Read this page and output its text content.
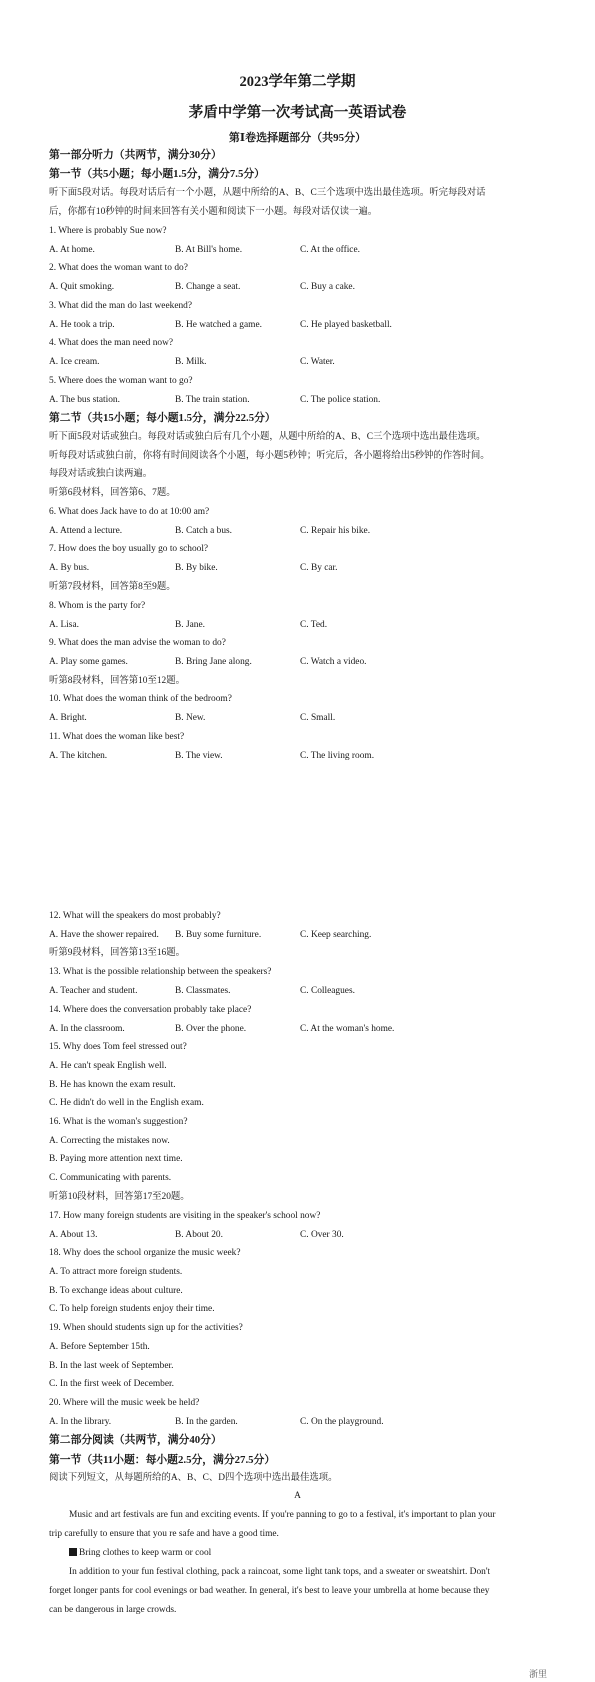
2023学年第二学期
茅盾中学第一次考试高一英语试卷
第Ⅰ卷选择题部分（共95分）
第一部分听力（共两节，满分30分）
第一节（共5小题；每小题1.5分，满分7.5分）
听下面5段对话。每段对话后有一个小题，从题中所给的A、B、C三个选项中选出最佳选项。听完每段对话
后，你都有10秒钟的时间来回答有关小题和阅读下一小题。每段对话仅读一遍。
1. Where is probably Sue now?
A. At home.	B. At Bill's home.	C. At the office.
2. What does the woman want to do?
A. Quit smoking.	B. Change a seat.	C. Buy a cake.
3. What did the man do last weekend?
A. He took a trip.	B. He watched a game.	C. He played basketball.
4. What does the man need now?
A. Ice cream.	B. Milk.	C. Water.
5. Where does the woman want to go?
A. The bus station.	B. The train station.	C. The police station.
第二节（共15小题；每小题1.5分，满分22.5分）
听下面5段对话或独白。每段对话或独白后有几个小题，从题中所给的A、B、C三个选项中选出最佳选项。
听每段对话或独白前，你将有时间阅读各个小题，每小题5秒钟；听完后，各小题将给出5秒钟的作答时间。
每段对话或独白读两遍。
听第6段材料，回答第6、7题。
6. What does Jack have to do at 10:00 am?
A. Attend a lecture.	B. Catch a bus.	C. Repair his bike.
7. How does the boy usually go to school?
A. By bus.	B. By bike.	C. By car.
听第7段材料，回答第8至9题。
8. Whom is the party for?
A. Lisa.	B. Jane.	C. Ted.
9. What does the man advise the woman to do?
A. Play some games.	B. Bring Jane along.	C. Watch a video.
听第8段材料，回答第10至12题。
10. What does the woman think of the bedroom?
A. Bright.	B. New.	C. Small.
11. What does the woman like best?
A. The kitchen.	B. The view.	C. The living room.
12. What will the speakers do most probably?
A. Have the shower repaired. B. Buy some furniture.	C. Keep searching.
听第9段材料，回答第13至16题。
13. What is the possible relationship between the speakers?
A. Teacher and student.	B. Classmates.	C. Colleagues.
14. Where does the conversation probably take place?
A. In the classroom.	B. Over the phone.	C. At the woman's home.
15. Why does Tom feel stressed out?
A. He can't speak English well.
B. He has known the exam result.
C. He didn't do well in the English exam.
16. What is the woman's suggestion?
A. Correcting the mistakes now.
B. Paying more attention next time.
C. Communicating with parents.
听第10段材料，回答第17至20题。
17. How many foreign students are visiting in the speaker's school now?
A. About 13.	B. About 20.	C. Over 30.
18. Why does the school organize the music week?
A. To attract more foreign students.
B. To exchange ideas about culture.
C. To help foreign students enjoy their time.
19. When should students sign up for the activities?
A. Before September 15th.
B. In the last week of September.
C. In the first week of December.
20. Where will the music week be held?
A. In the library.	B. In the garden.	C. On the playground.
第二部分阅读（共两节，满分40分）
第一节（共11小题：每小题2.5分，满分27.5分）
阅读下列短文，从每题所给的A、B、C、D四个选项中选出最佳选项。
A
Music and art festivals are fun and exciting events. If you're panning to go to a festival, it's important to plan your
trip carefully to ensure that you re safe and have a good time.
Bring clothes to keep warm or cool
In addition to your fun festival clothing, pack a raincoat, some light tank tops, and a sweater or sweatshirt. Don't
forget longer pants for cool evenings or bad weather. In general, it's best to leave your umbrella at home because they
can be dangerous in large crowds.
浙里
